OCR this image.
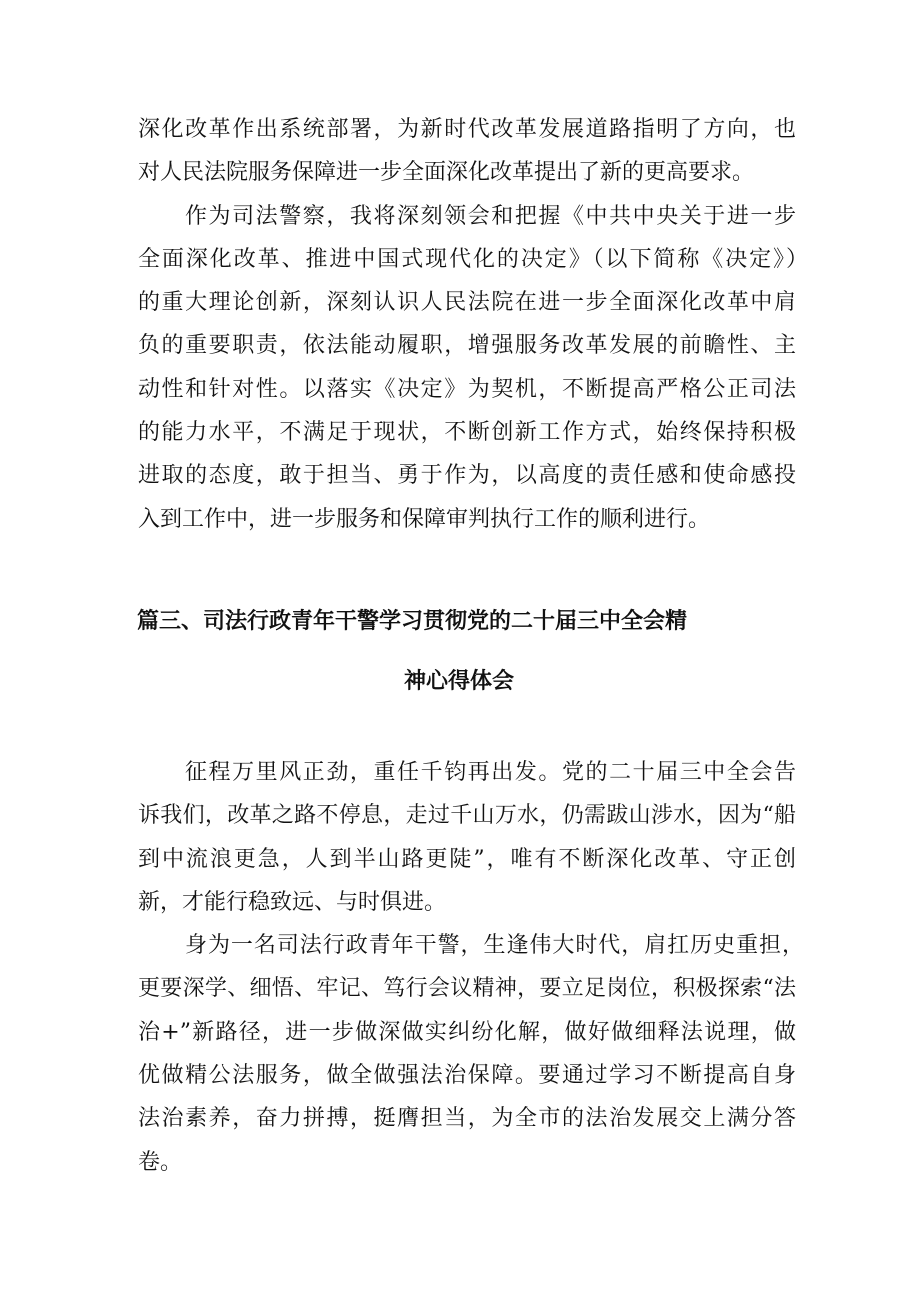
深化改革作出系统部署，为新时代改革发展道路指明了方向，也
对人民法院服务保障进一步全面深化改革提出了新的更高要求。
作为司法警察，我将深刻领会和把握《中共中央关于进一步
全面深化改革、推进中国式现代化的决定》（以下简称《决定》）
的重大理论创新，深刻认识人民法院在进一步全面深化改革中肩
负的重要职责，依法能动履职，增强服务改革发展的前瞻性、主
动性和针对性。以落实《决定》为契机，不断提高严格公正司法
的能力水平，不满足于现状，不断创新工作方式，始终保持积极
进取的态度，敢于担当、勇于作为，以高度的责任感和使命感投
入到工作中，进一步服务和保障审判执行工作的顺利进行。
篇三、司法行政青年干警学习贯彻党的二十届三中全会精
神心得体会
征程万里风正劲，重任千钧再出发。党的二十届三中全会告
诉我们，改革之路不停息，走过千山万水，仍需跋山涉水，因为“船
到中流浪更急，人到半山路更陡”，唯有不断深化改革、守正创
新，才能行稳致远、与时俱进。
身为一名司法行政青年干警，生逢伟大时代，肩扛历史重担，
更要深学、细悟、牢记、笃行会议精神，要立足岗位，积极探索“法
治+”新路径，进一步做深做实纠纷化解，做好做细释法说理，做
优做精公法服务，做全做强法治保障。要通过学习不断提高自身
法治素养，奋力拼搏，挺膺担当，为全市的法治发展交上满分答
卷。
